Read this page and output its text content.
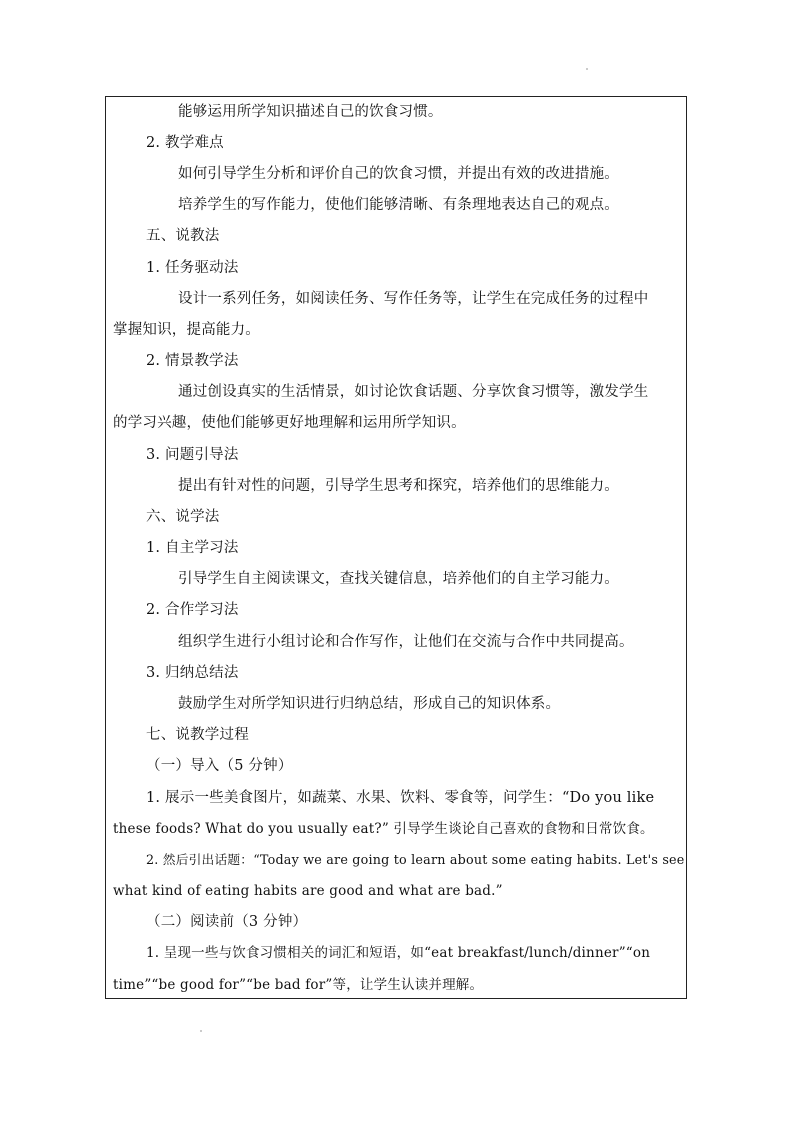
能够运用所学知识描述自己的饮食习惯。
2. 教学难点
如何引导学生分析和评价自己的饮食习惯，并提出有效的改进措施。
培养学生的写作能力，使他们能够清晰、有条理地表达自己的观点。
五、说教法
1. 任务驱动法
设计一系列任务，如阅读任务、写作任务等，让学生在完成任务的过程中
掌握知识，提高能力。
2. 情景教学法
通过创设真实的生活情景，如讨论饮食话题、分享饮食习惯等，激发学生
的学习兴趣，使他们能够更好地理解和运用所学知识。
3. 问题引导法
提出有针对性的问题，引导学生思考和探究，培养他们的思维能力。
六、说学法
1. 自主学习法
引导学生自主阅读课文，查找关键信息，培养他们的自主学习能力。
2. 合作学习法
组织学生进行小组讨论和合作写作，让他们在交流与合作中共同提高。
3. 归纳总结法
鼓励学生对所学知识进行归纳总结，形成自己的知识体系。
七、说教学过程
（一）导入（5 分钟）
1. 展示一些美食图片，如蔬菜、水果、饮料、零食等，问学生：“Do you like
these foods? What do you usually eat?” 引导学生谈论自己喜欢的食物和日常饮食。
2. 然后引出话题：“Today we are going to learn about some eating habits. Let's see
what kind of eating habits are good and what are bad.”
（二）阅读前（3 分钟）
1. 呈现一些与饮食习惯相关的词汇和短语，如“eat breakfast/lunch/dinner”“on
time”“be good for”“be bad for”等，让学生认读并理解。
